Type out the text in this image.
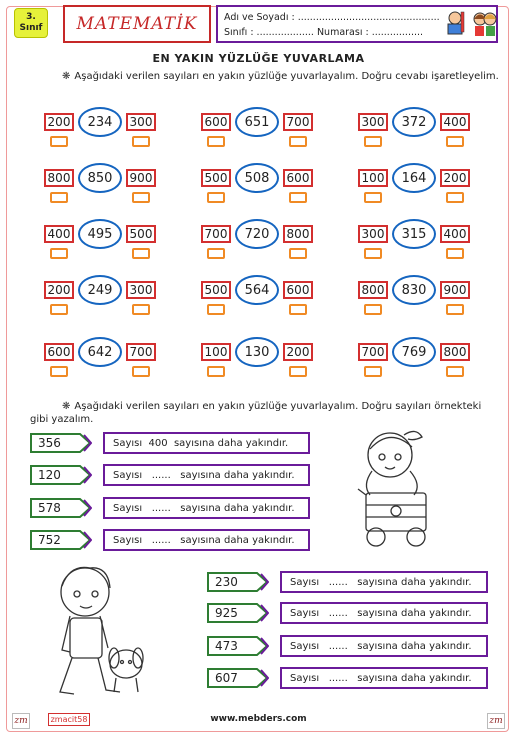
3.
Sınıf MATEMATİK	Adı ve Soyadı : ...............................................
Sınıfı : ................... Numarası : .................
EN YAKIN YÜZLÜĞE YUVARLAMA
❋ Aşağıdaki verilen sayıları en yakın yüzlüğe yuvarlayalım. Doğru cevabı işaretleyelim.
200	234	300	600	651	700	300	372	400
800	850	900	500	508	600	100	164	200
400	495	500	700	720	800	300	315	400
200	249	300	500	564	600	800	830	900
600	642	700	100	130	200	700	769	800
❋ Aşağıdaki verilen sayıları en yakın yüzlüğe yuvarlayalım. Doğru sayıları örnekteki
gibi yazalım.
356	Sayısı  400  sayısına daha yakındır.
120	Sayısı   ......   sayısına daha yakındır.
578	Sayısı   ......   sayısına daha yakındır.
752	Sayısı   ......   sayısına daha yakındır.
230	Sayısı   ......   sayısına daha yakındır.
925	Sayısı   ......   sayısına daha yakındır.
473	Sayısı   ......   sayısına daha yakındır.
607	Sayısı   ......   sayısına daha yakındır.
zmacit58	www.mebders.com
zm	zm
